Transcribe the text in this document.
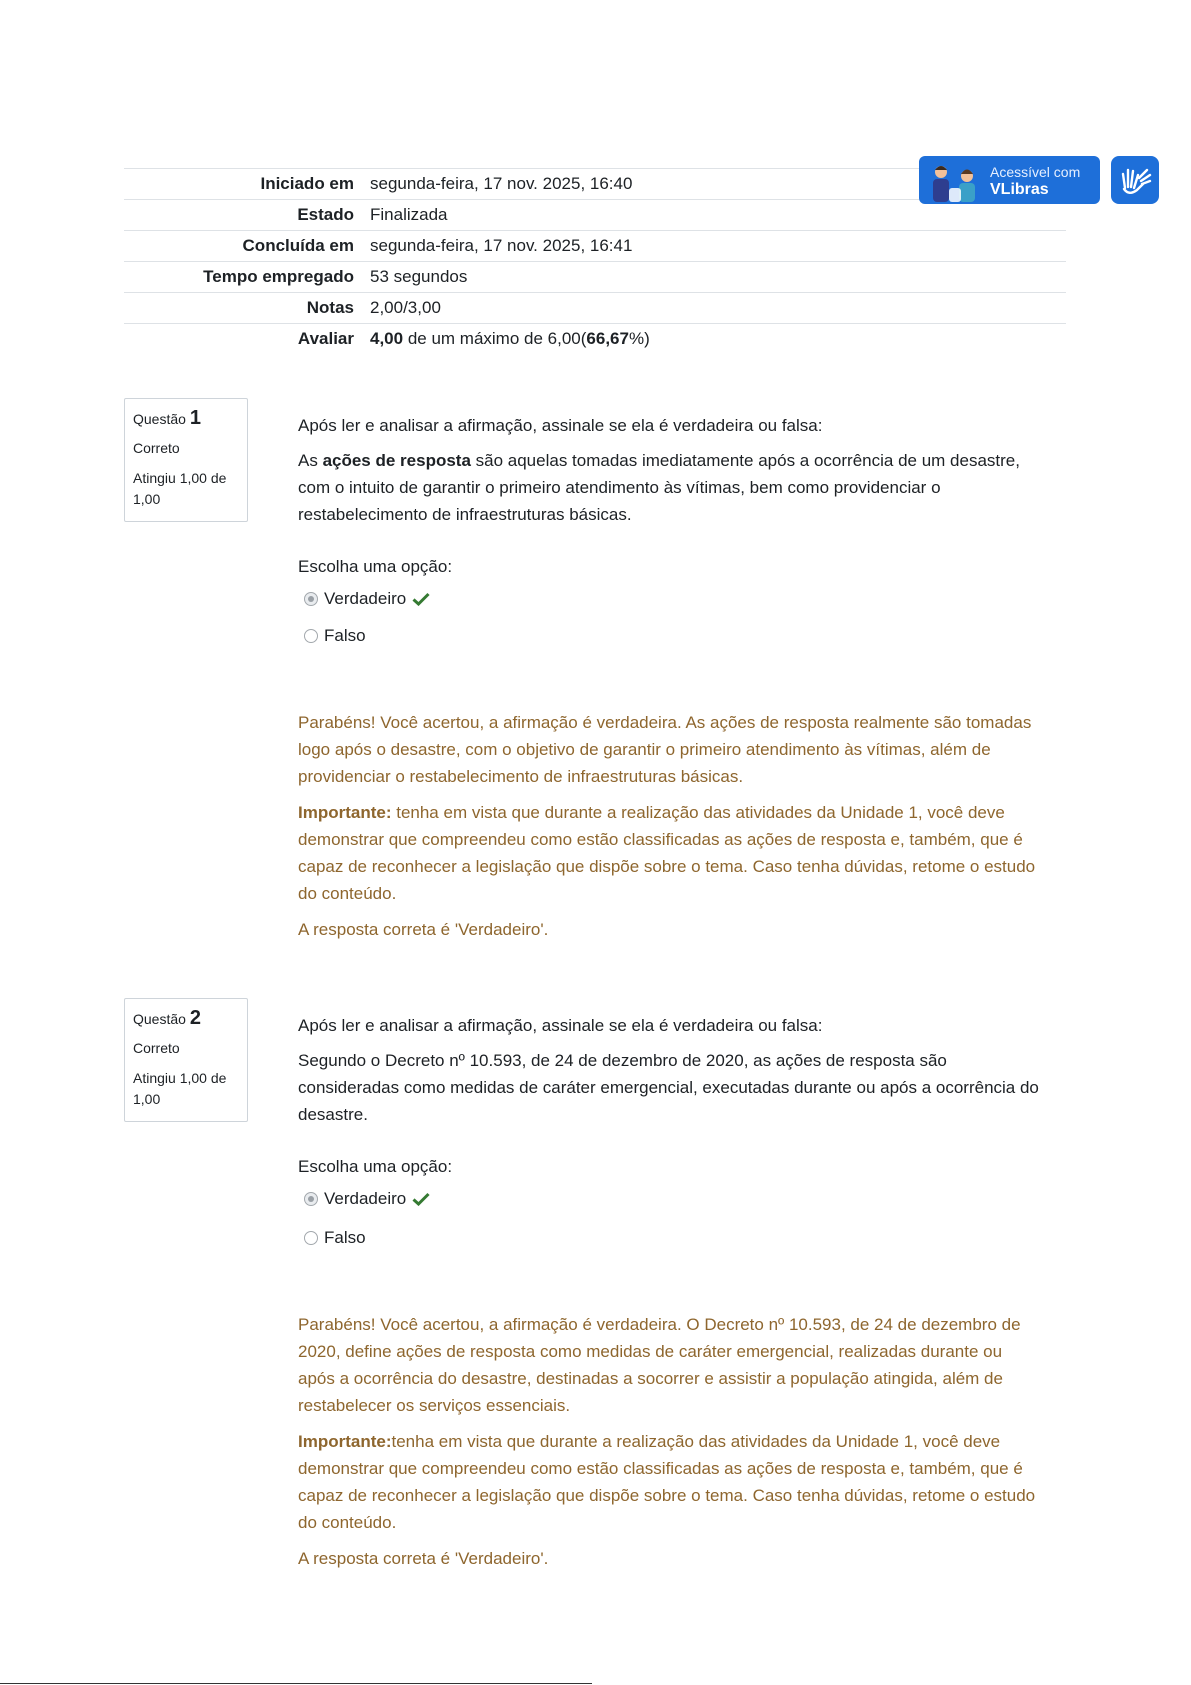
Iniciado em	segunda-feira, 17 nov. 2025, 16:40
Estado	Finalizada
Concluída em	segunda-feira, 17 nov. 2025, 16:41
Tempo empregado	53 segundos
Notas	2,00/3,00
Avaliar	4,00 de um máximo de 6,00(66,67%)
Acessível com
VLibras
Questão 1
Correto
Atingiu 1,00 de 1,00

Após ler e analisar a afirmação, assinale se ela é verdadeira ou falsa:

As ações de resposta são aquelas tomadas imediatamente após a ocorrência de um desastre, com o intuito de garantir o primeiro atendimento às vítimas, bem como providenciar o restabelecimento de infraestruturas básicas.

Escolha uma opção:
Verdadeiro
Falso

Parabéns! Você acertou, a afirmação é verdadeira. As ações de resposta realmente são tomadas logo após o desastre, com o objetivo de garantir o primeiro atendimento às vítimas, além de providenciar o restabelecimento de infraestruturas básicas.

Importante: tenha em vista que durante a realização das atividades da Unidade 1, você deve demonstrar que compreendeu como estão classificadas as ações de resposta e, também, que é capaz de reconhecer a legislação que dispõe sobre o tema. Caso tenha dúvidas, retome o estudo do conteúdo.

A resposta correta é 'Verdadeiro'.

Questão 2
Correto
Atingiu 1,00 de 1,00

Após ler e analisar a afirmação, assinale se ela é verdadeira ou falsa:

Segundo o Decreto nº 10.593, de 24 de dezembro de 2020, as ações de resposta são consideradas como medidas de caráter emergencial, executadas durante ou após a ocorrência do desastre.

Escolha uma opção:
Verdadeiro
Falso

Parabéns! Você acertou, a afirmação é verdadeira. O Decreto nº 10.593, de 24 de dezembro de 2020, define ações de resposta como medidas de caráter emergencial, realizadas durante ou após a ocorrência do desastre, destinadas a socorrer e assistir a população atingida, além de restabelecer os serviços essenciais.

Importante:tenha em vista que durante a realização das atividades da Unidade 1, você deve demonstrar que compreendeu como estão classificadas as ações de resposta e, também, que é capaz de reconhecer a legislação que dispõe sobre o tema. Caso tenha dúvidas, retome o estudo do conteúdo.

A resposta correta é 'Verdadeiro'.
